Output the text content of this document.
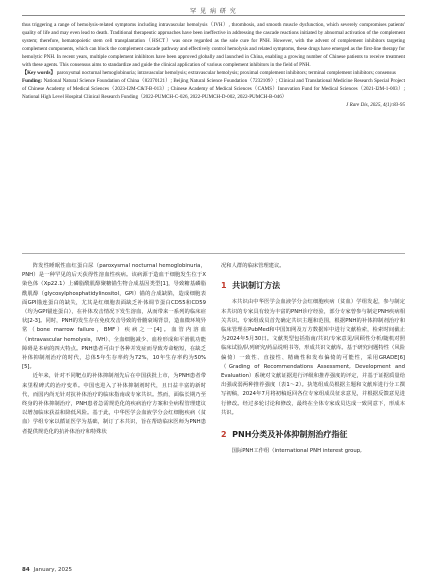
罕 见 病 研 究

thus triggering a range of hemolysis-related symptoms including intravascular hemolysis（IVH）, thrombosis, and smooth muscle dysfunction, which severely compromises patients' quality of life and may even lead to death. Traditional therapeutic approaches have been ineffective in addressing the cascade reactions initiated by abnormal activation of the complement system; therefore, hematopoietic stem cell transplantation（HSCT）was once regarded as the sole cure for PNH. However, with the advent of complement inhibitors targeting complement components, which can block the complement cascade pathway and effectively control hemolysis and related symptoms, these drugs have emerged as the first-line therapy for hemolytic PNH. In recent years, multiple complement inhibitors have been approved globally and launched in China, enabling a growing number of Chinese patients to receive treatment with these agents. This consensus aims to standardize and guide the clinical application of various complement inhibitors in the field of PNH.

【Key words】 paroxysmal nocturnal hemoglobinuria; intravascular hemolysis; extravascular hemolysis; proximal complement inhibitors; terminal complement inhibitors; consensus

Funding: National Natural Science Foundation of China（82370121）; Beijing Natural Science Foundation（7232109）; Clinical and Translational Medicine Research Special Project of Chinese Academy of Medical Sciences（2023-I2M-C&T-B-013）; Chinese Academy of Medical Sciences（CAMS）Innovation Fund for Medical Sciences（2021-I2M-1-003）; National High Level Hospital Clinical Research Funding（2022-PUMCH-C-026, 2022-PUMCH-D-002, 2022-PUMCH-B-046）

J Rare Dis, 2025, 4(1):83-95

阵发性睡眠性血红蛋白尿（paroxysmal nocturnal hemoglobinuria，PNH）是一种罕见的后天获得性溶血性疾病。该病源于造血干细胞发生位于X染色体（Xp22.1）上磷脂酰肌醇聚糖锚生物合成基因类型[1]，导致糖基磷脂酰肌醇（glycosylphosphatidylinositol，GPI）锚的合成缺陷，造成细胞表面GPI锚连蛋白的缺失，尤其是红细胞表面缺乏补体调节蛋白CD55和CD59（均为GPI锚连蛋白），在补体攻击情况下发生溶血，从而带来一系列的临床症状[2-3]。同时，PNH的发生存在免疫攻击导致的骨髓衰竭背景，造血微环境异常（bone marrow failure，BMF）疾病之一[4]。血管内溶血（intravascular hemolysis，IVH）、全血细胞减少、血栓形成和平滑肌功能障碍是本病的四大特点。PNH患者可由于各种并发症而导致寿命缩短，在缺乏补体抑制剂治疗的时代，总体5年生存率约为72%，10年生存率约为50%[5]。

近年来，针对不同靶点的补体抑制剂先后在中国获批上市，为PNH患者带来里程碑式的治疗变革。中国也进入了补体抑制剂时代，且日益丰富的新时代，而国内尚无针对抗补体治疗的临床指南或专家共识。然而，面临长期乃至终身的补体抑制治疗，PNH患者急需规范化的疾病治疗方案和全病程管理建议以增加临床获益和降低风险。基于此，中华医学会血液学分会红细胞疾病（贫血）学组专家以循证医学为基础，制订了本共识，旨在帮助临床医师为PNH患者提供规范化的抗补体治疗和特殊状

况和人群的临床管理建议。

1 共识制订方法

本共识由中华医学会血液学分会红细胞疾病（贫血）学组发起，参与制定本共识的专家具有较为丰富的PNH诊疗经验，部分专家曾参与制定PNH疾病相关共识。专家组成员首先确定共识主题和范围，根据PNH的补体抑制剂治疗和临床管理在PubMed和中国知网及万方数据库中进行文献检索，检索时间截止为2024年5月30日。文献类型包括指南/共识/专家意见/回顾性分析/随机对照临床试验/队列研究/药品说明书等，形成共识文献库。基于研究问题特性（风险偏倚）一致性、直接性、精确性和发布偏倚的可能性，采用GRADE[6]（Grading of Recommendations Assessment, Development and Evaluation）系统对文献证据进行评级和推荐强度的评定，并基于证据质量给出强或弱两种推荐强度（表1～2）。执笔组成员根据主题和文献库进行分工撰写初稿，2024年7月将初稿返回各位专家组成员征求意见，并根据反馈意见进行修改。经过多轮讨论和修改，最终在全体专家成员达成一致同意下，形成本共识。

2 PNH分类及补体抑制剂治疗指征

国际PNH工作组（international PNH interest group,

84 January, 2025
